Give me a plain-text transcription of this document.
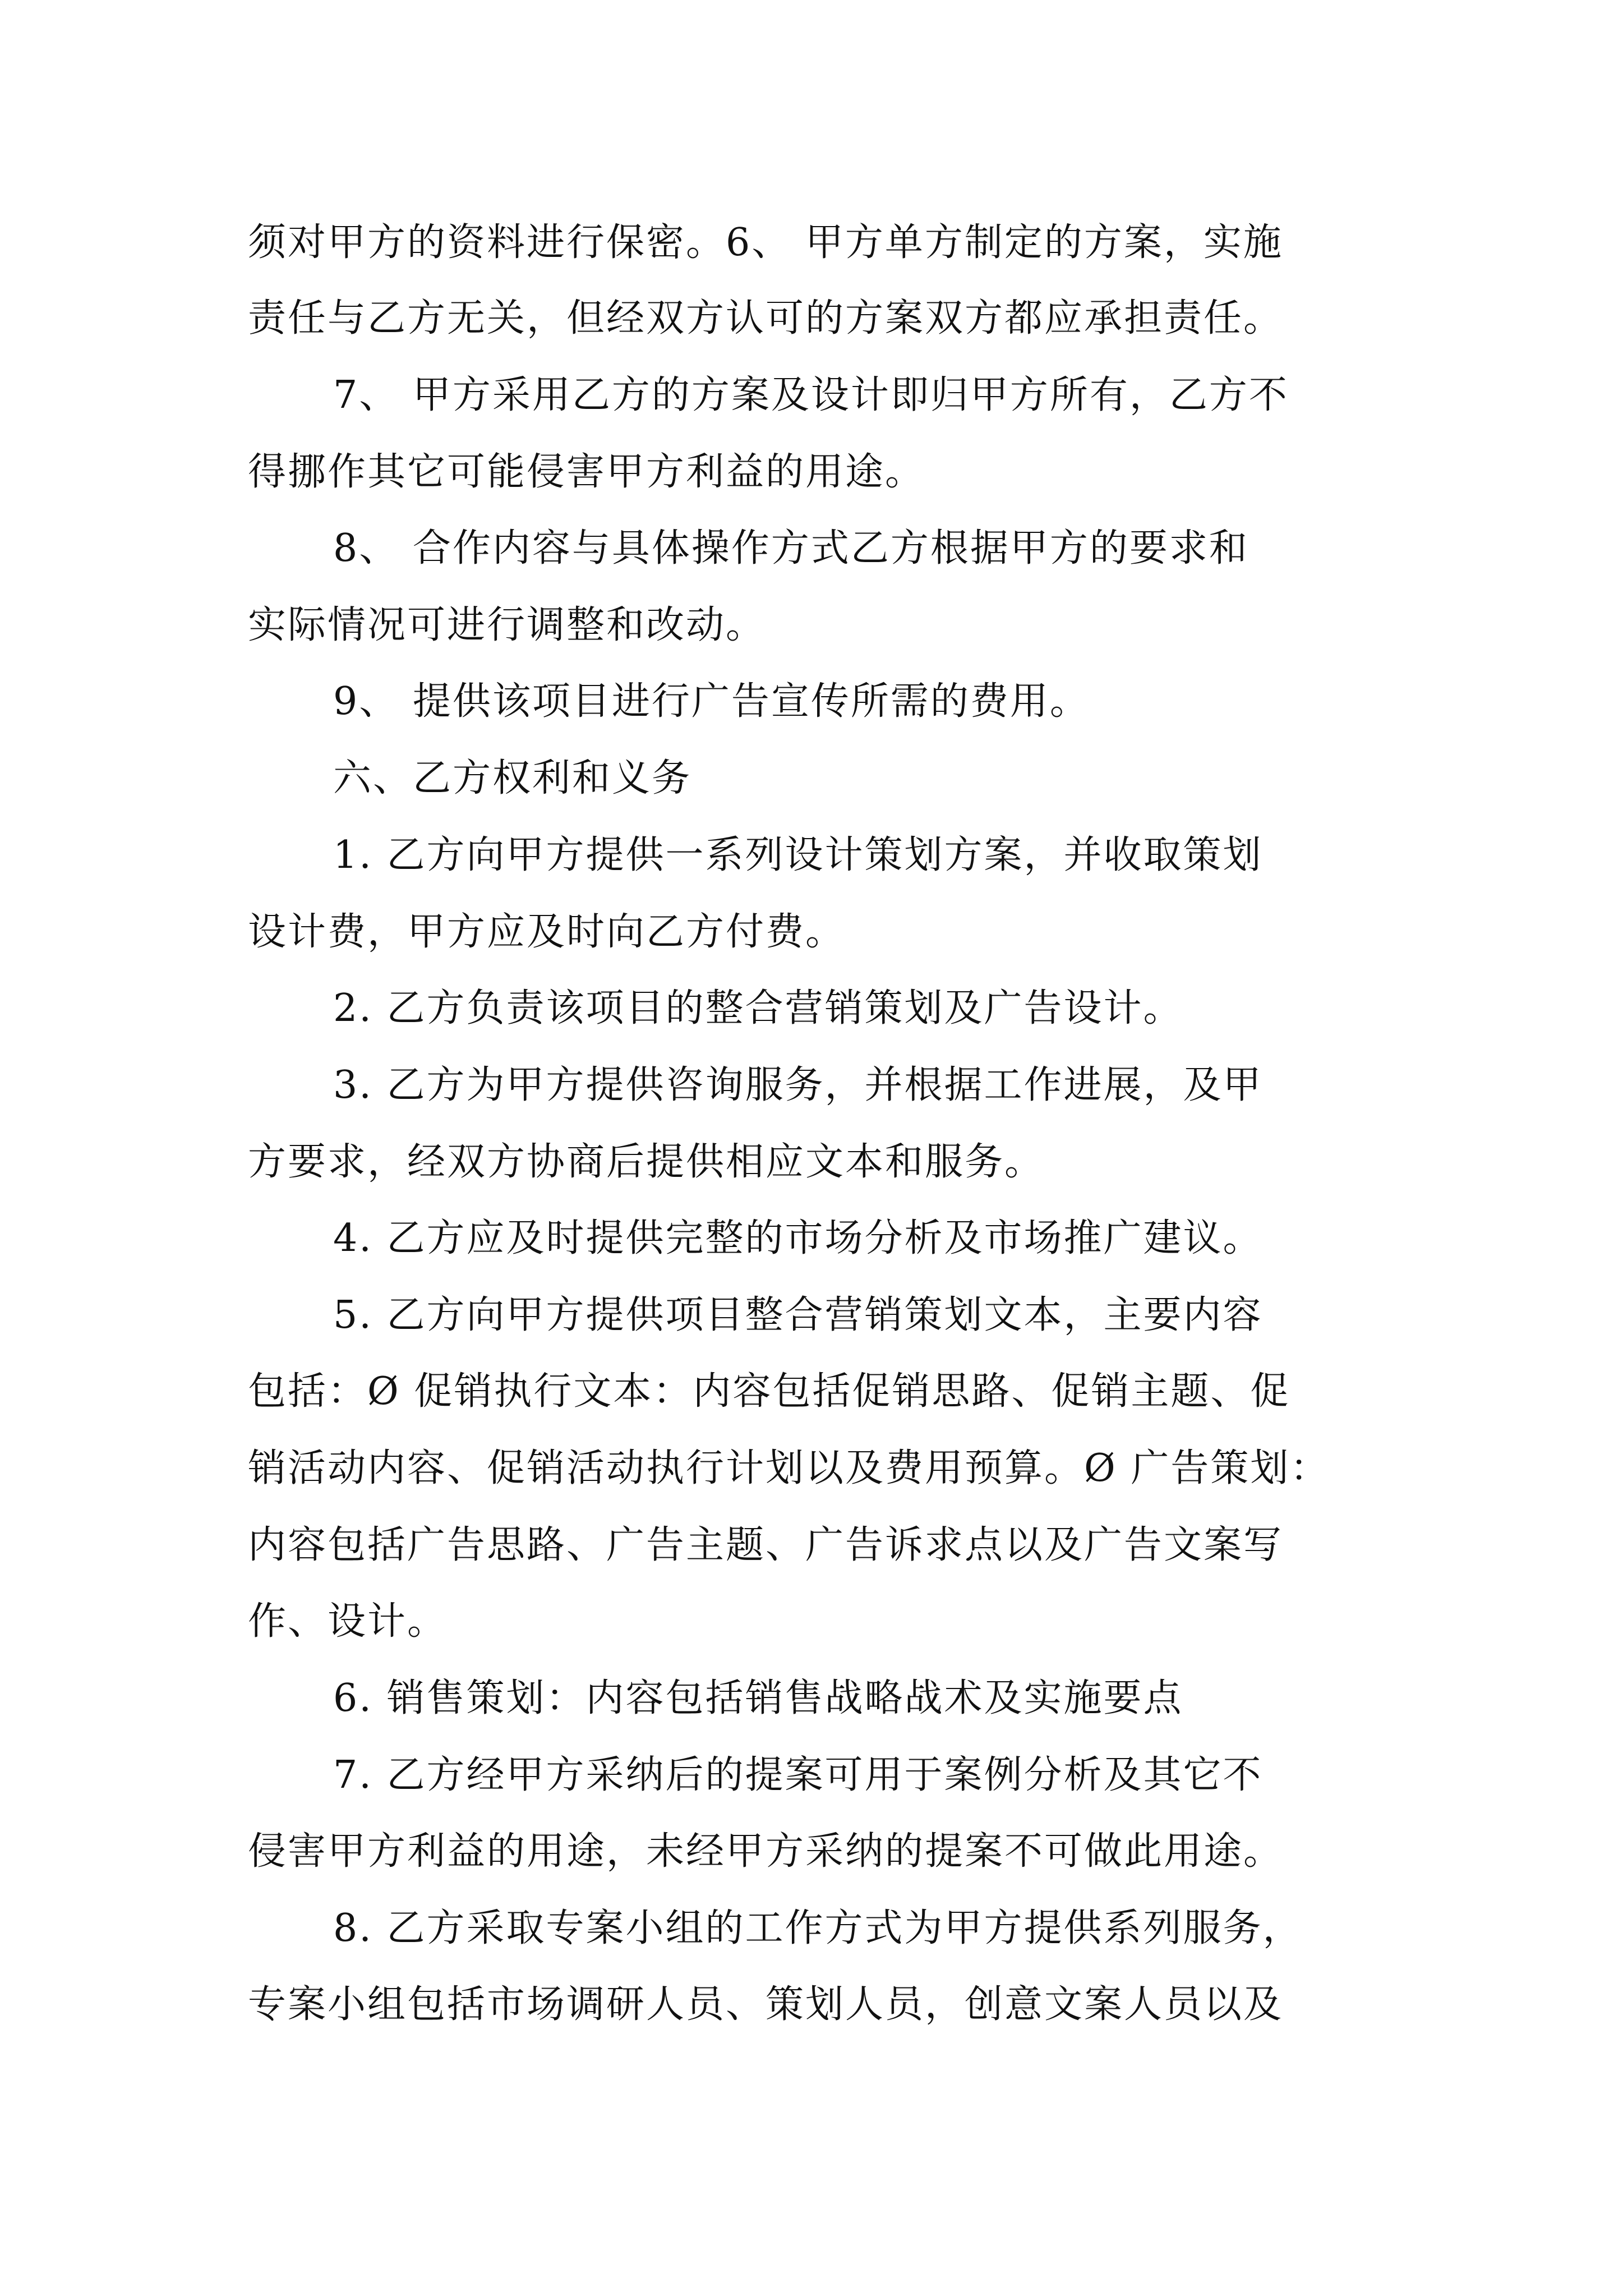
须对甲方的资料进行保密。6、 甲方单方制定的方案，实施
责任与乙方无关，但经双方认可的方案双方都应承担责任。
7、 甲方采用乙方的方案及设计即归甲方所有，乙方不
得挪作其它可能侵害甲方利益的用途。
8、 合作内容与具体操作方式乙方根据甲方的要求和
实际情况可进行调整和改动。
9、 提供该项目进行广告宣传所需的费用。
六、乙方权利和义务
1. 乙方向甲方提供一系列设计策划方案，并收取策划
设计费，甲方应及时向乙方付费。
2. 乙方负责该项目的整合营销策划及广告设计。
3. 乙方为甲方提供咨询服务，并根据工作进展，及甲
方要求，经双方协商后提供相应文本和服务。
4. 乙方应及时提供完整的市场分析及市场推广建议。
5. 乙方向甲方提供项目整合营销策划文本，主要内容
包括：Ø 促销执行文本：内容包括促销思路、促销主题、促
销活动内容、促销活动执行计划以及费用预算。Ø 广告策划：
内容包括广告思路、广告主题、广告诉求点以及广告文案写
作、设计。
6. 销售策划：内容包括销售战略战术及实施要点
7. 乙方经甲方采纳后的提案可用于案例分析及其它不
侵害甲方利益的用途，未经甲方采纳的提案不可做此用途。
8. 乙方采取专案小组的工作方式为甲方提供系列服务，
专案小组包括市场调研人员、策划人员，创意文案人员以及
